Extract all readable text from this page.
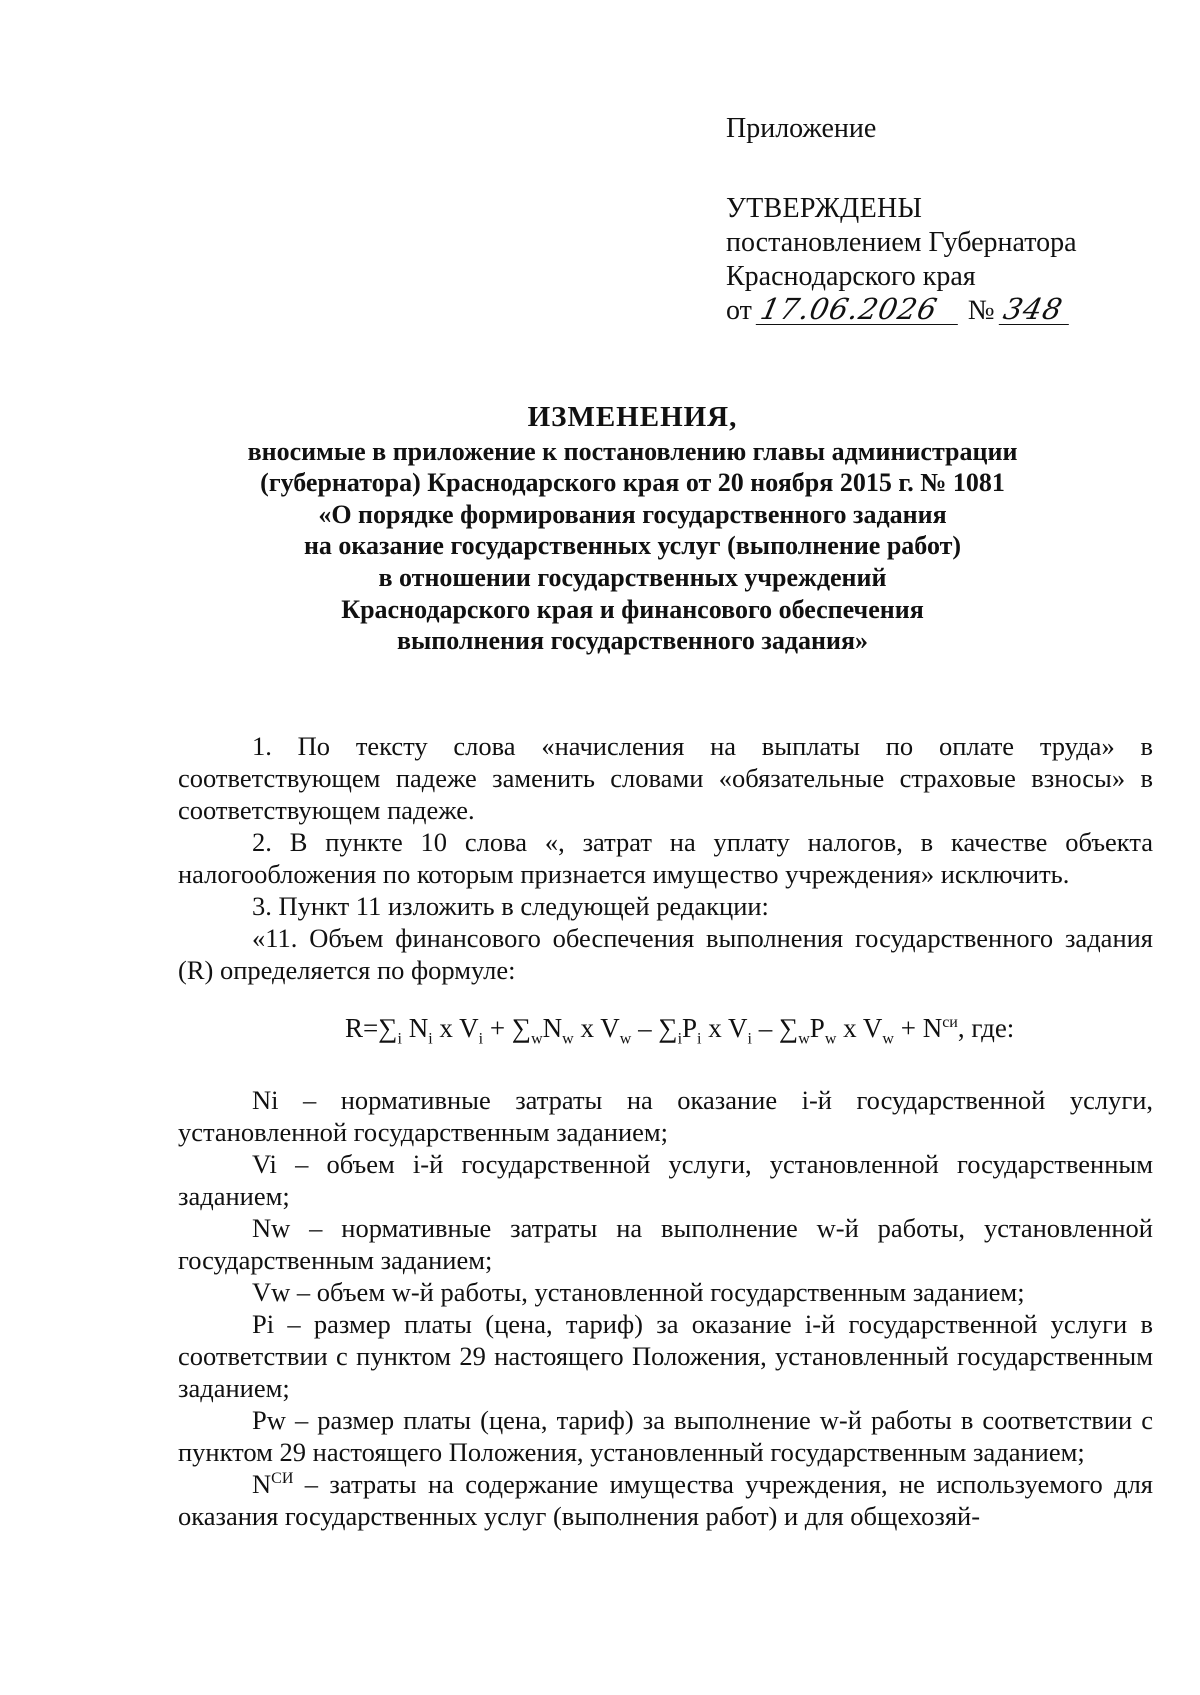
Приложение
УТВЕРЖДЕНЫ
постановлением Губернатора
Краснодарского края
от 17.06.2026 № 348
ИЗМЕНЕНИЯ,
вносимые в приложение к постановлению главы администрации
(губернатора) Краснодарского края от 20 ноября 2015 г. № 1081
«О порядке формирования государственного задания
на оказание государственных услуг (выполнение работ)
в отношении государственных учреждений
Краснодарского края и финансового обеспечения
выполнения государственного задания»

1. По тексту слова «начисления на выплаты по оплате труда» в соответствующем падеже заменить словами «обязательные страховые взносы» в соответствующем падеже.

2. В пункте 10 слова «, затрат на уплату налогов, в качестве объекта налогообложения по которым признается имущество учреждения» исключить.

3. Пункт 11 изложить в следующей редакции:

«11. Объем финансового обеспечения выполнения государственного задания (R) определяется по формуле:

$R=\sum_i$ $N_i$ x $V_i + \sum_wN_w$ x $V_w - \sum_iP_i$ x $V_i - \sum_wP_w$ x $V_w + N^{си}$, где:

Ni – нормативные затраты на оказание i-й государственной услуги, установленной государственным заданием;

Vi – объем i-й государственной услуги, установленной государственным заданием;

Nw – нормативные затраты на выполнение w-й работы, установленной государственным заданием;

Vw – объем w-й работы, установленной государственным заданием;

Pi – размер платы (цена, тариф) за оказание i-й государственной услуги в соответствии с пунктом 29 настоящего Положения, установленный государственным заданием;

Pw – размер платы (цена, тариф) за выполнение w-й работы в соответствии с пунктом 29 настоящего Положения, установленный государственным заданием;

$N^{СИ}$ – затраты на содержание имущества учреждения, не используемого для оказания государственных услуг (выполнения работ) и для общехозяй-
